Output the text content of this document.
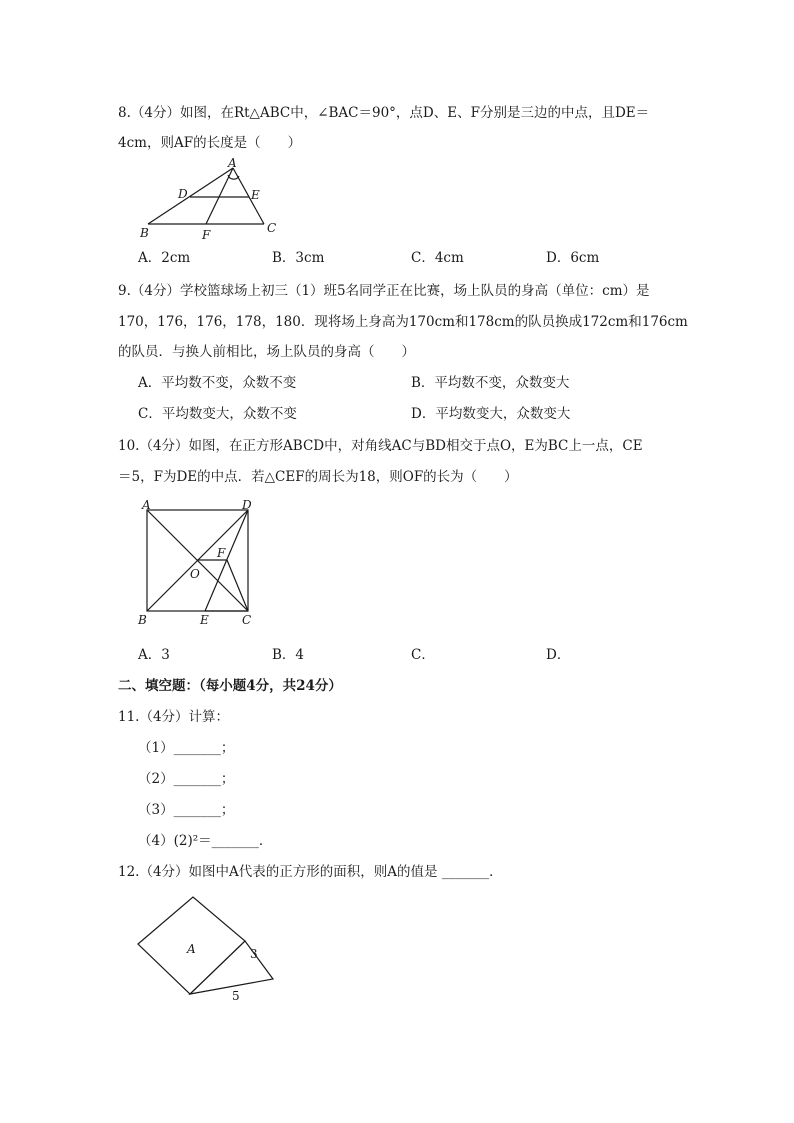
8.（4分）如图，在Rt△ABC中，∠BAC＝90°，点D、E、F分别是三边的中点，且DE＝
4cm，则AF的长度是（　　）
A
B	C
D	E
F
A．2cm	B．3cm	C．4cm	D．6cm
9.（4分）学校篮球场上初三（1）班5名同学正在比赛，场上队员的身高（单位：cm）是
170，176，176，178，180．现将场上身高为170cm和178cm的队员换成172cm和176cm
的队员．与换人前相比，场上队员的身高（　　）
A．平均数不变，众数不变	B．平均数不变，众数变大
C．平均数变大，众数不变	D．平均数变大，众数变大
10.（4分）如图，在正方形ABCD中，对角线AC与BD相交于点O，E为BC上一点，CE
＝5，F为DE的中点．若△CEF的周长为18，则OF的长为（　　）
A	D
B	C
E
F
O
A．3	B．4	C．	D．
二、填空题：（每小题4分，共24分）
11.（4分）计算：
（1）_______；
（2）_______；
（3）_______；
（4）(2)²＝_______．
12.（4分）如图中A代表的正方形的面积，则A的值是 _______．
A	3
5
